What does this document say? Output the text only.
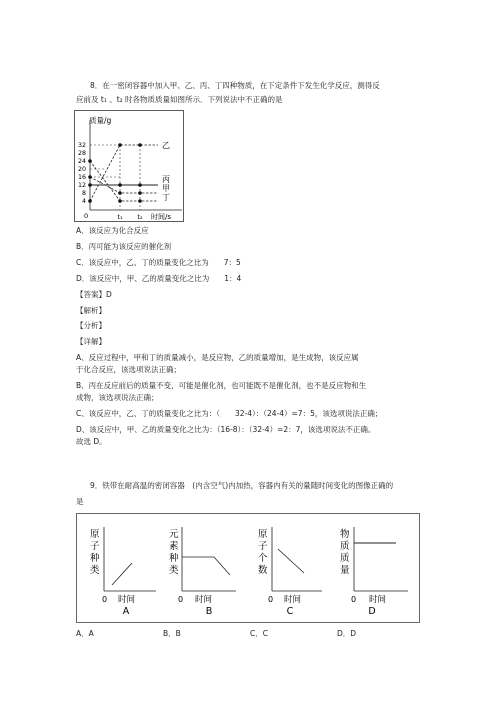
8．在一密闭容器中加入甲、乙、丙、丁四种物质，在下定条件下发生化学反应，测得反
应前及 t₁ 、t₂ 时各物质质量如图所示．下列说法中不正确的是
质量/g
时间/s
0
32
28
24
20
16
12
8
4
t₁ t₂
乙
丙
甲
丁
A．该反应为化合反应
B．丙可能为该反应的催化剂
C．该反应中，乙、丁的质量变化之比为　　7：5
D．该反应中，甲、乙的质量变化之比为　　1：4
【答案】D
【解析】
【分析】
【详解】
A、反应过程中，甲和丁的质量减小，是反应物，乙的质量增加，是生成物，该反应属
于化合反应，该选项说法正确；
B、丙在反应前后的质量不变，可能是催化剂，也可能既不是催化剂，也不是反应物和生
成物，该选项说法正确；
C、该反应中，乙、丁的质量变化之比为：（　　32-4）：（24-4）=7：5，该选项说法正确；
D、该反应中，甲、乙的质量变化之比为：（16-8）：（32-4）=2：7，该选项说法不正确。
故选 D。
9．铁带在耐高温的密闭容器　(内含空气)内加热，容器内有关的量随时间变化的图像正确的
是
原
子
种
类
0 时间
A
元
素
种
类
0 时间
B
原
子
个
数
0 时间
C
物
质
质
量
0 时间
D
A．A	B．B	C．C	D．D
